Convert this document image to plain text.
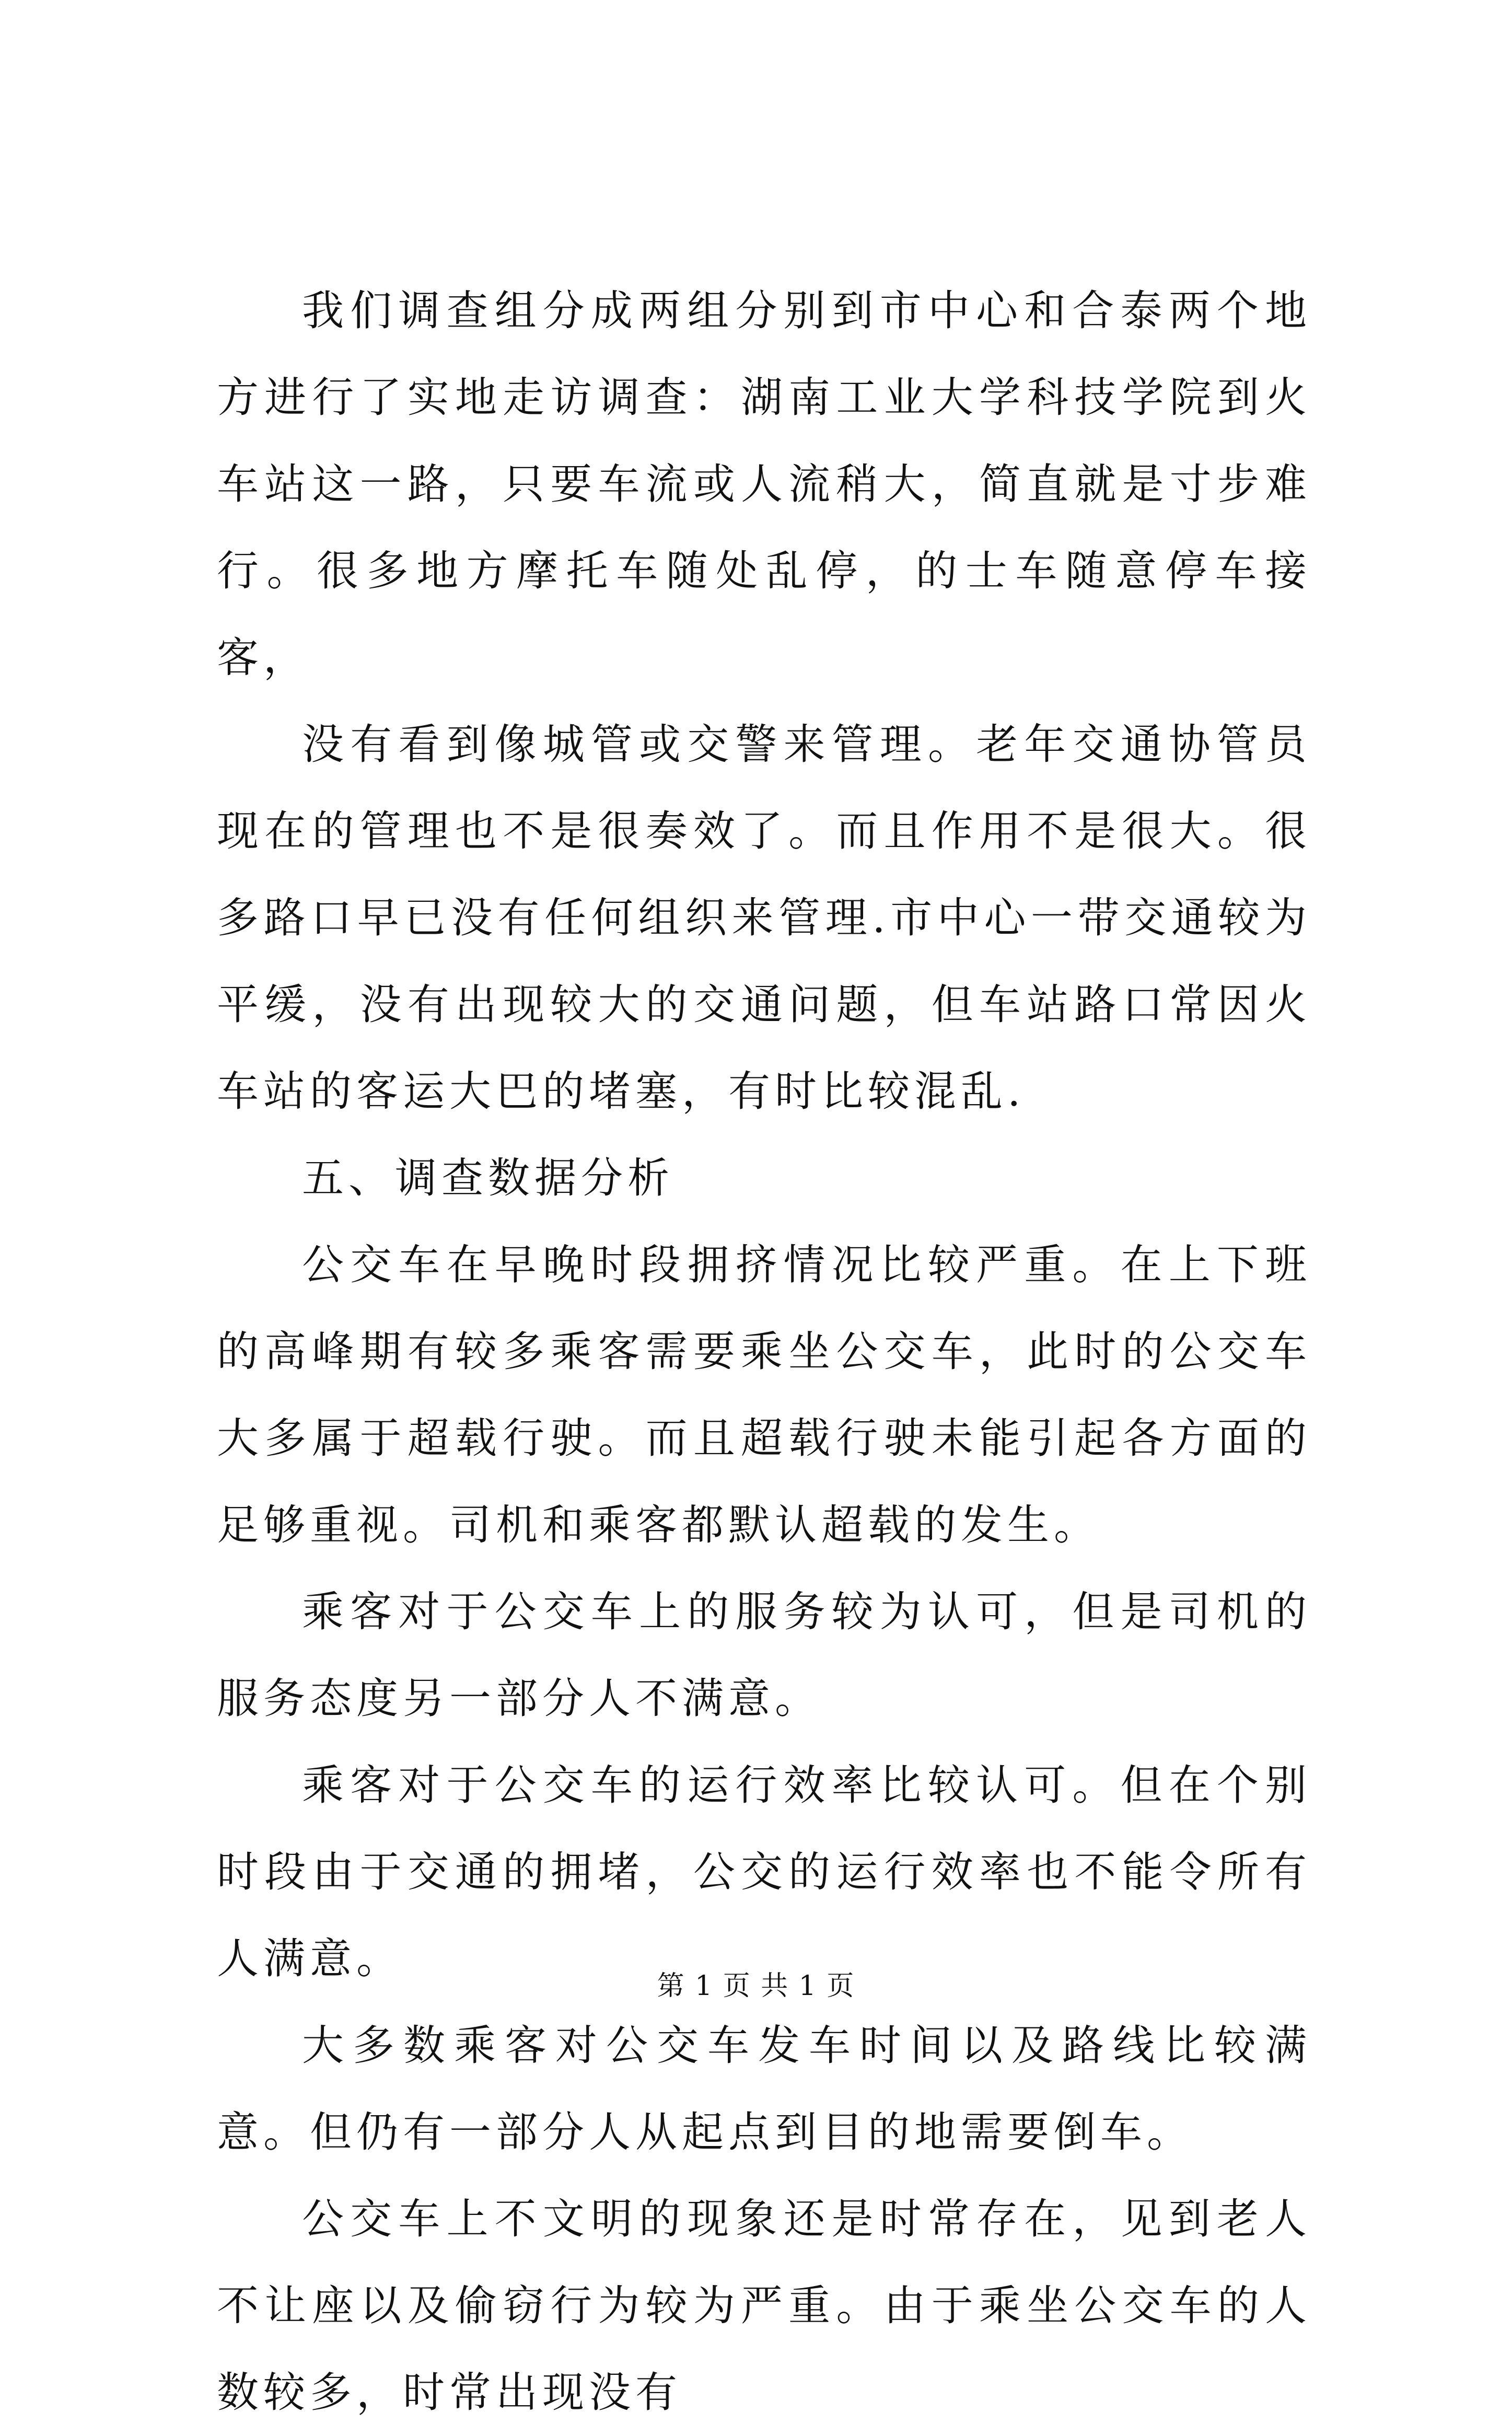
我们调查组分成两组分别到市中心和合泰两个地方进行了实地走访调查：湖南工业大学科技学院到火车站这一路，只要车流或人流稍大，简直就是寸步难行。很多地方摩托车随处乱停，的士车随意停车接客，

没有看到像城管或交警来管理。老年交通协管员现在的管理也不是很奏效了。而且作用不是很大。很多路口早已没有任何组织来管理.市中心一带交通较为平缓，没有出现较大的交通问题，但车站路口常因火车站的客运大巴的堵塞，有时比较混乱.

五、调查数据分析

公交车在早晚时段拥挤情况比较严重。在上下班的高峰期有较多乘客需要乘坐公交车，此时的公交车大多属于超载行驶。而且超载行驶未能引起各方面的足够重视。司机和乘客都默认超载的发生。

乘客对于公交车上的服务较为认可，但是司机的服务态度另一部分人不满意。

乘客对于公交车的运行效率比较认可。但在个别时段由于交通的拥堵，公交的运行效率也不能令所有人满意。

大多数乘客对公交车发车时间以及路线比较满意。但仍有一部分人从起点到目的地需要倒车。

公交车上不文明的现象还是时常存在，见到老人不让座以及偷窃行为较为严重。由于乘坐公交车的人数较多，时常出现没有

第 1 页 共 1 页
